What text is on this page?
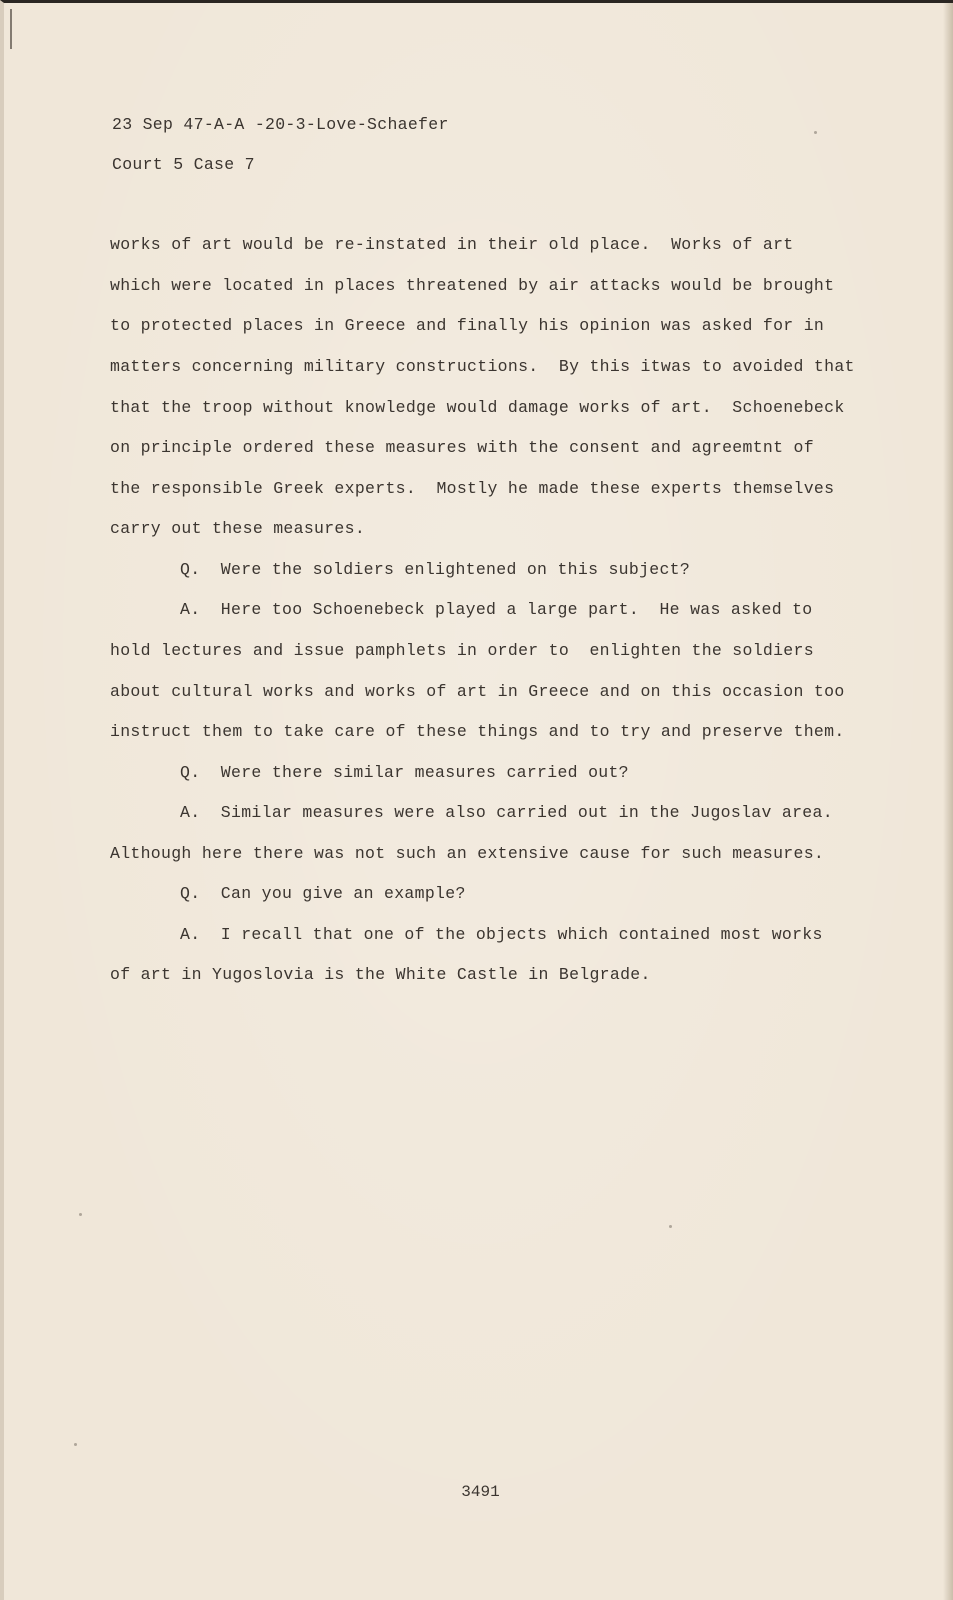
23 Sep 47-A-A -20-3-Love-Schaefer
Court 5 Case 7
works of art would be re-instated in their old place.  Works of art
which were located in places threatened by air attacks would be brought
to protected places in Greece and finally his opinion was asked for in
matters concerning military constructions.  By this itwas to avoided that
that the troop without knowledge would damage works of art.  Schoenebeck
on principle ordered these measures with the consent and agreemtnt of
the responsible Greek experts.  Mostly he made these experts themselves
carry out these measures.
Q.  Were the soldiers enlightened on this subject?
A.  Here too Schoenebeck played a large part.  He was asked to
hold lectures and issue pamphlets in order to  enlighten the soldiers
about cultural works and works of art in Greece and on this occasion too
instruct them to take care of these things and to try and preserve them.
Q.  Were there similar measures carried out?
A.  Similar measures were also carried out in the Jugoslav area.
Although here there was not such an extensive cause for such measures.
Q.  Can you give an example?
A.  I recall that one of the objects which contained most works
of art in Yugoslovia is the White Castle in Belgrade.
3491
